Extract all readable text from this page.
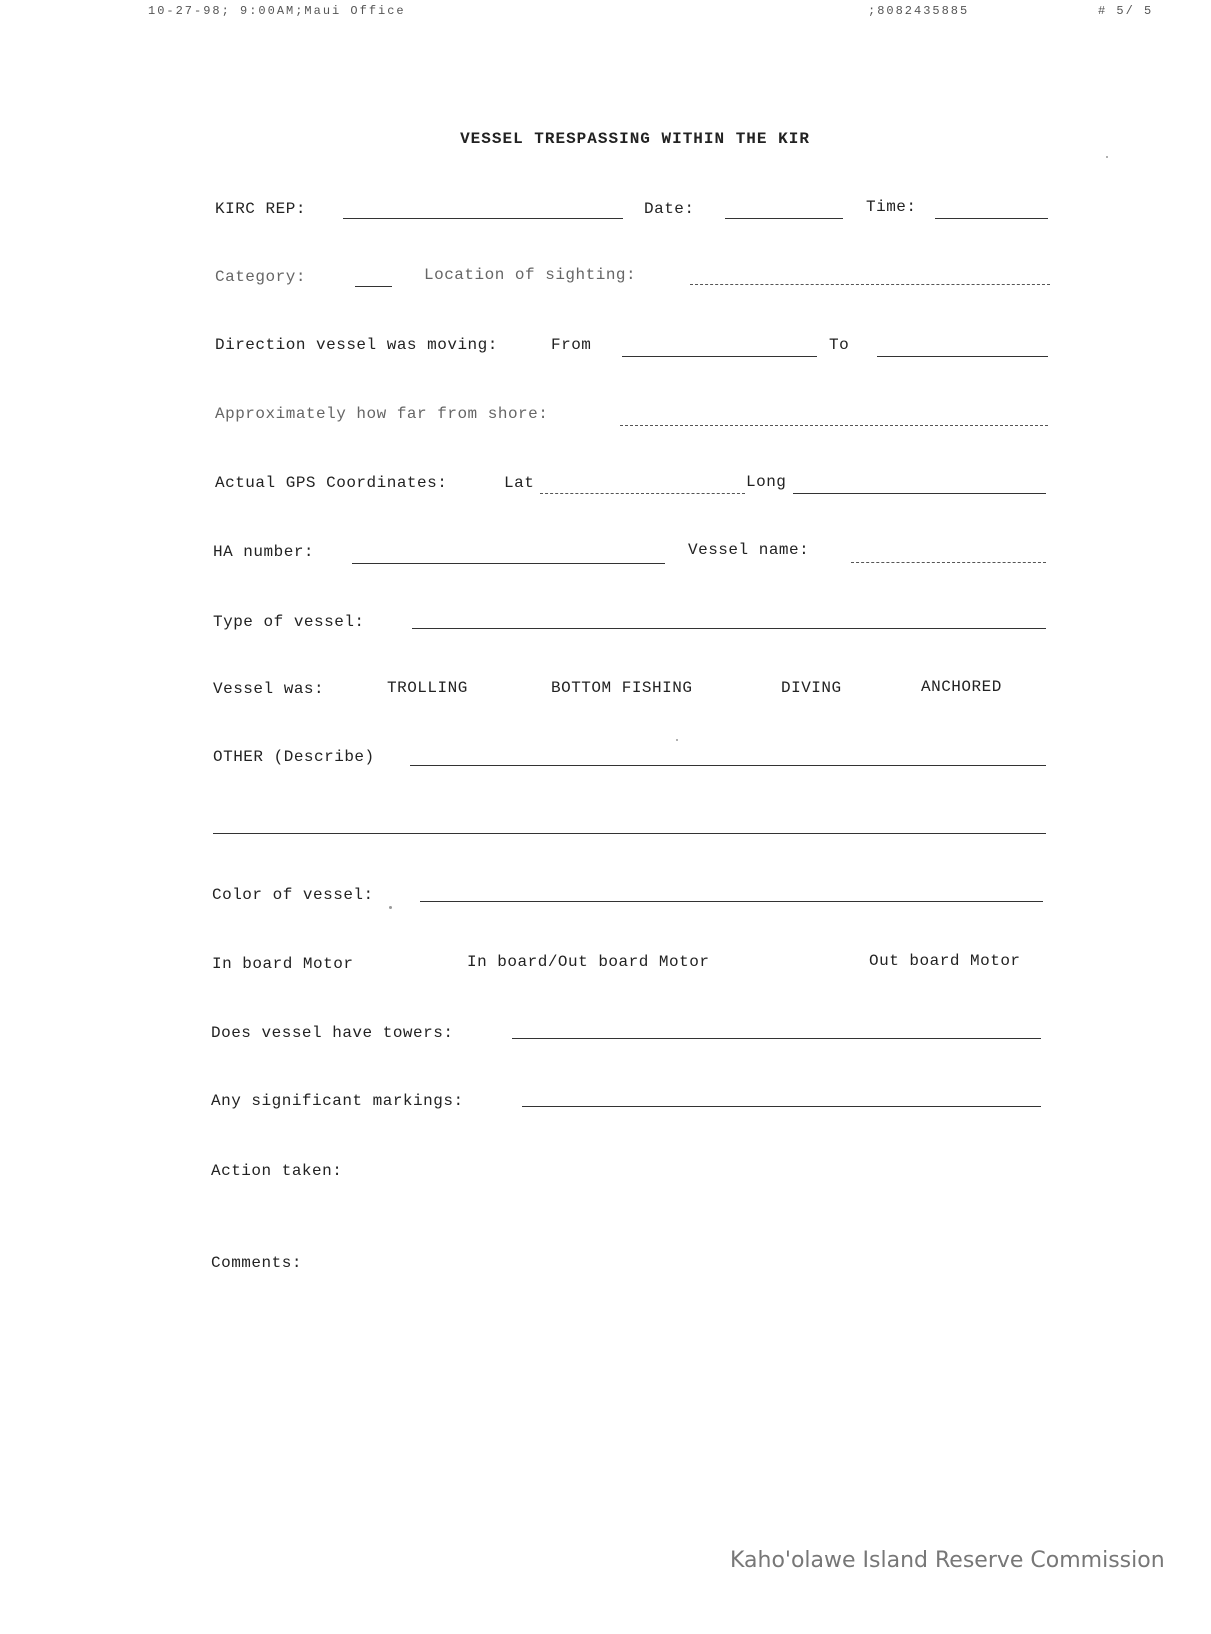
10-27-98; 9:00AM;Maui Office	;8082435885	# 5/ 5
VESSEL TRESPASSING WITHIN THE KIR
KIRC REP:	Date:	Time:
Category:	Location of sighting:
Direction vessel was moving:	From	To
Approximately how far from shore:
Actual GPS Coordinates:	Lat	Long
HA number:	Vessel name:
Type of vessel:
Vessel was:	TROLLING	BOTTOM FISHING	DIVING	ANCHORED
OTHER (Describe)
Color of vessel:
In board Motor	In board/Out board Motor	Out board Motor
Does vessel have towers:
Any significant markings:
Action taken:
Comments:
Kaho'olawe Island Reserve Commission
